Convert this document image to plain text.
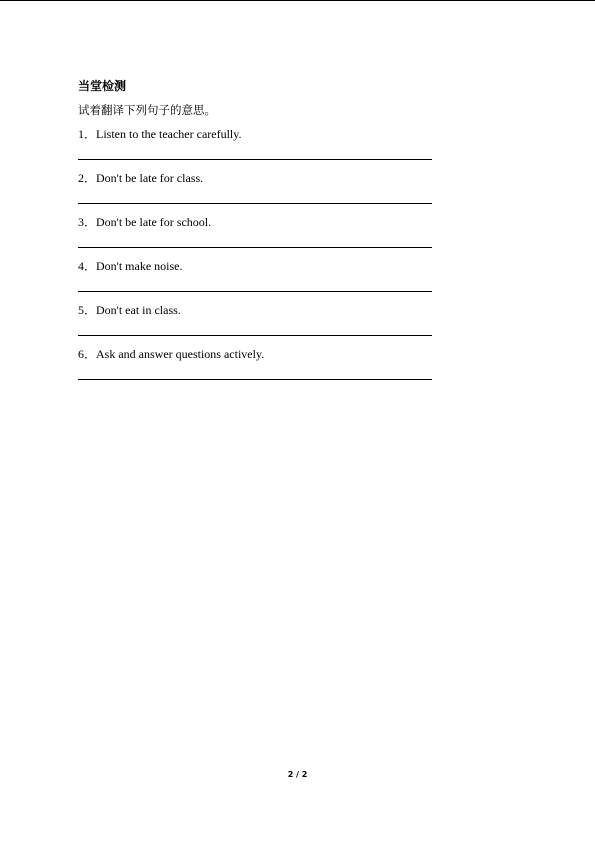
当堂检测
试着翻译下列句子的意思。
1．Listen to the teacher carefully.
2．Don't be late for class.
3．Don't be late for school.
4．Don't make noise.
5．Don't eat in class.
6．Ask and answer questions actively.
2 / 2
